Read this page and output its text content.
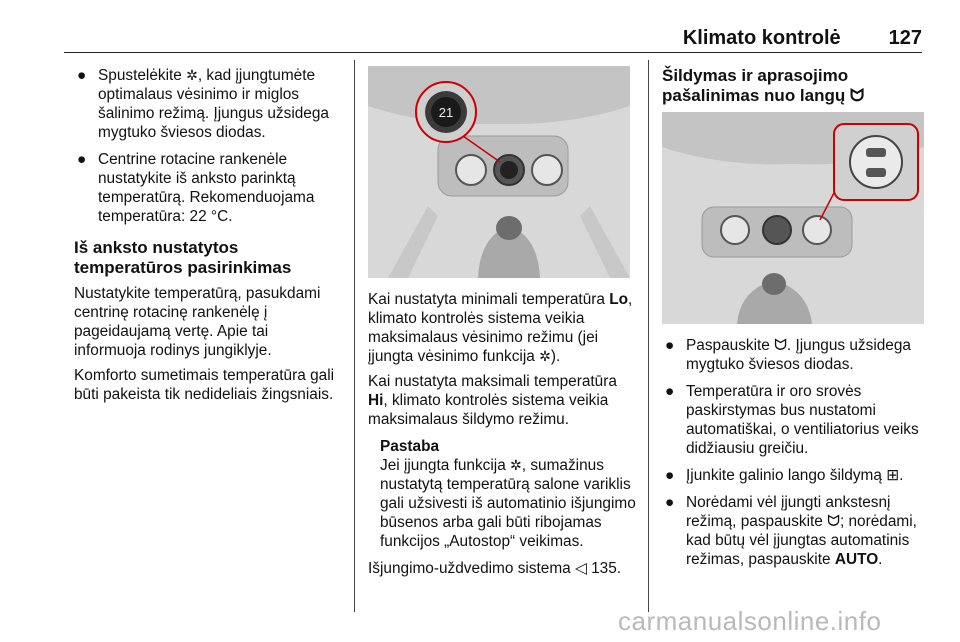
Klimato kontrolė 127
● Spustelėkite ✲, kad įjungtumėte optimalaus vėsinimo ir miglos šalinimo režimą. Įjungus užsidega mygtuko šviesos diodas.
● Centrine rotacine rankenėle nustatykite iš anksto parinktą temperatūrą. Rekomenduojama temperatūra: 22 °C.
Iš anksto nustatytos temperatūros pasirinkimas

Nustatykite temperatūrą, pasukdami centrinę rotacinę rankenėlę į pageidaujamą vertę. Apie tai informuoja rodinys jungiklyje.

Komforto sumetimais temperatūra gali būti pakeista tik nedideliais žingsniais.

21

Kai nustatyta minimali temperatūra Lo, klimato kontrolės sistema veikia maksimalaus vėsinimo režimu (jei įjungta vėsinimo funkcija ✲).

Kai nustatyta maksimali temperatūra Hi, klimato kontrolės sistema veikia maksimalaus šildymo režimu.

Pastaba
Jei įjungta funkcija ✲, sumažinus nustatytą temperatūrą salone variklis gali užsivesti iš automatinio išjungimo būsenos arba gali būti ribojamas funkcijos „Autostop“ veikimas.

Išjungimo-uždvedimo sistema ◁ 135.

Šildymas ir aprasojimo pašalinimas nuo langų ᗢ
● Paspauskite ᗢ. Įjungus užsidega mygtuko šviesos diodas.
● Temperatūra ir oro srovės paskirstymas bus nustatomi automatiškai, o ventiliatorius veiks didžiausiu greičiu.
● Įjunkite galinio lango šildymą ⊞.
● Norėdami vėl įjungti ankstesnį režimą, paspauskite ᗢ; norėdami, kad būtų vėl įjungtas automatinis režimas, paspauskite AUTO.
carmanualsonline.info
